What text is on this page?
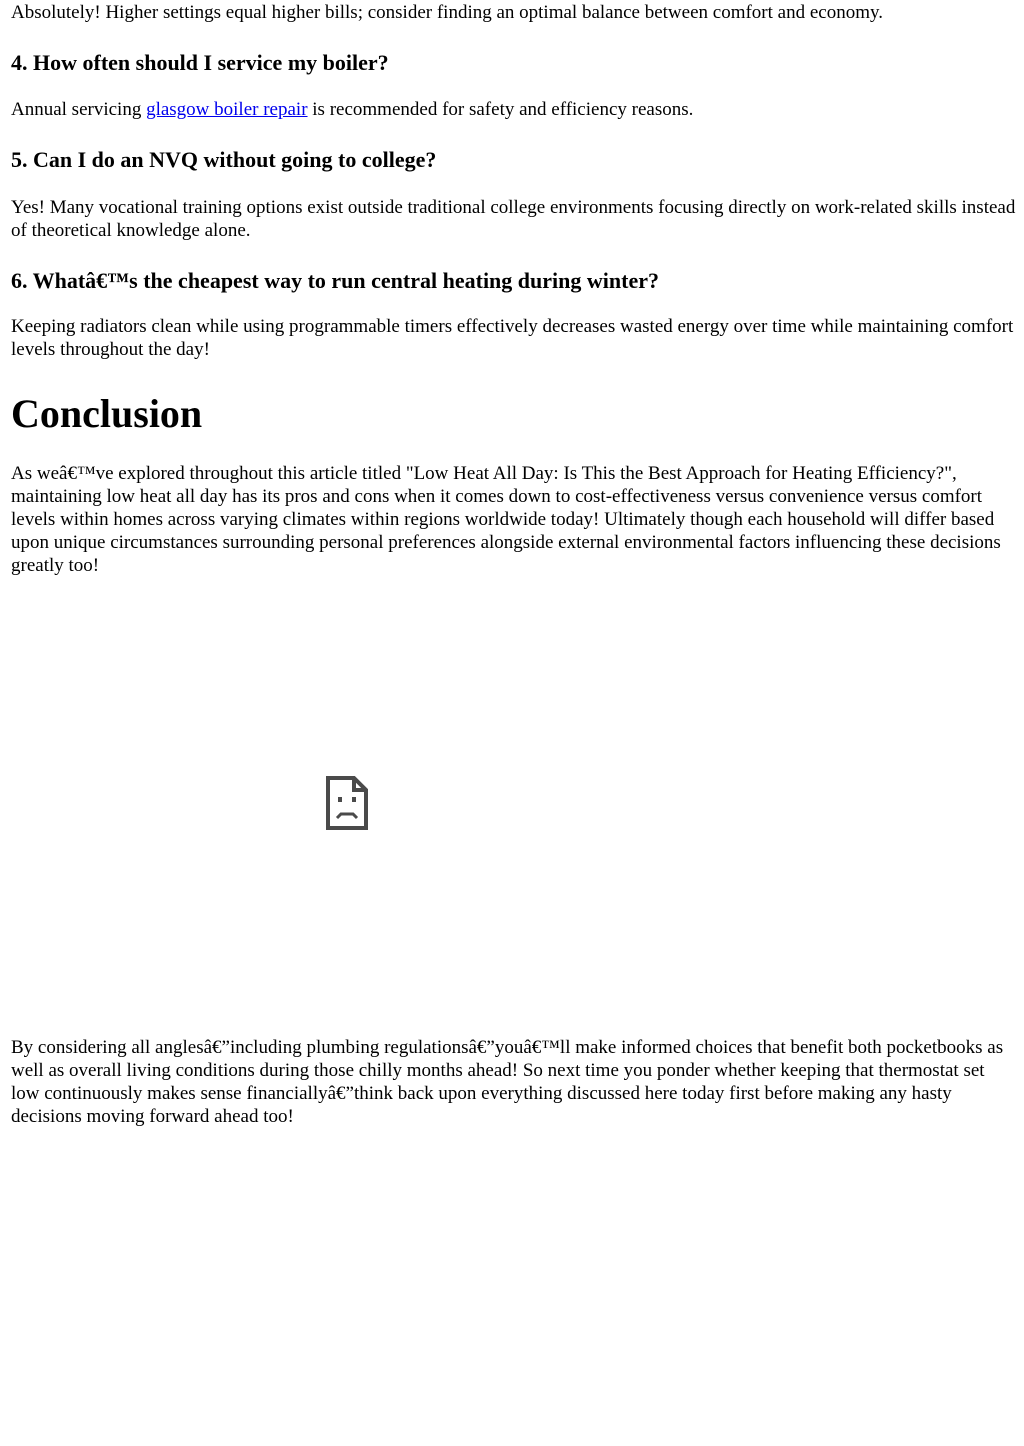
Absolutely! Higher settings equal higher bills; consider finding an optimal balance between comfort and economy.

4. How often should I service my boiler?

Annual servicing glasgow boiler repair is recommended for safety and efficiency reasons.

5. Can I do an NVQ without going to college?

Yes! Many vocational training options exist outside traditional college environments focusing directly on work-related skills instead of theoretical knowledge alone.

6. Whatâ€™s the cheapest way to run central heating during winter?

Keeping radiators clean while using programmable timers effectively decreases wasted energy over time while maintaining comfort levels throughout the day!

Conclusion

As weâ€™ve explored throughout this article titled "Low Heat All Day: Is This the Best Approach for Heating Efficiency?", maintaining low heat all day has its pros and cons when it comes down to cost-effectiveness versus convenience versus comfort levels within homes across varying climates within regions worldwide today! Ultimately though each household will differ based upon unique circumstances surrounding personal preferences alongside external environmental factors influencing these decisions greatly too!

By considering all anglesâ€”including plumbing regulationsâ€”youâ€™ll make informed choices that benefit both pocketbooks as well as overall living conditions during those chilly months ahead! So next time you ponder whether keeping that thermostat set low continuously makes sense financiallyâ€”think back upon everything discussed here today first before making any hasty decisions moving forward ahead too!
